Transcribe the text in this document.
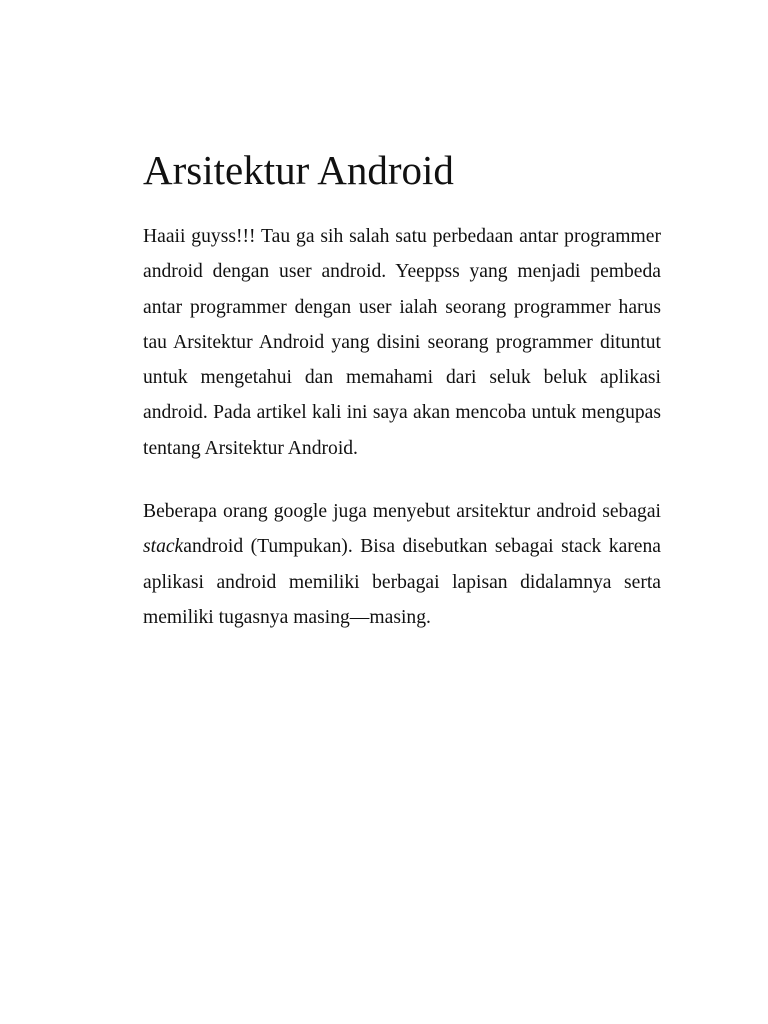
Arsitektur Android

Haaii guyss!!! Tau ga sih salah satu perbedaan antar programmer android dengan user android. Yeeppss yang menjadi pembeda antar programmer dengan user ialah seorang programmer harus tau Arsitektur Android yang disini seorang programmer dituntut untuk mengetahui dan memahami dari seluk beluk aplikasi android. Pada artikel kali ini saya akan mencoba untuk mengupas tentang Arsitektur Android.

Beberapa orang google juga menyebut arsitektur android sebagai stackandroid (Tumpukan). Bisa disebutkan sebagai stack karena aplikasi android memiliki berbagai lapisan didalamnya serta memiliki tugasnya masing—masing.
